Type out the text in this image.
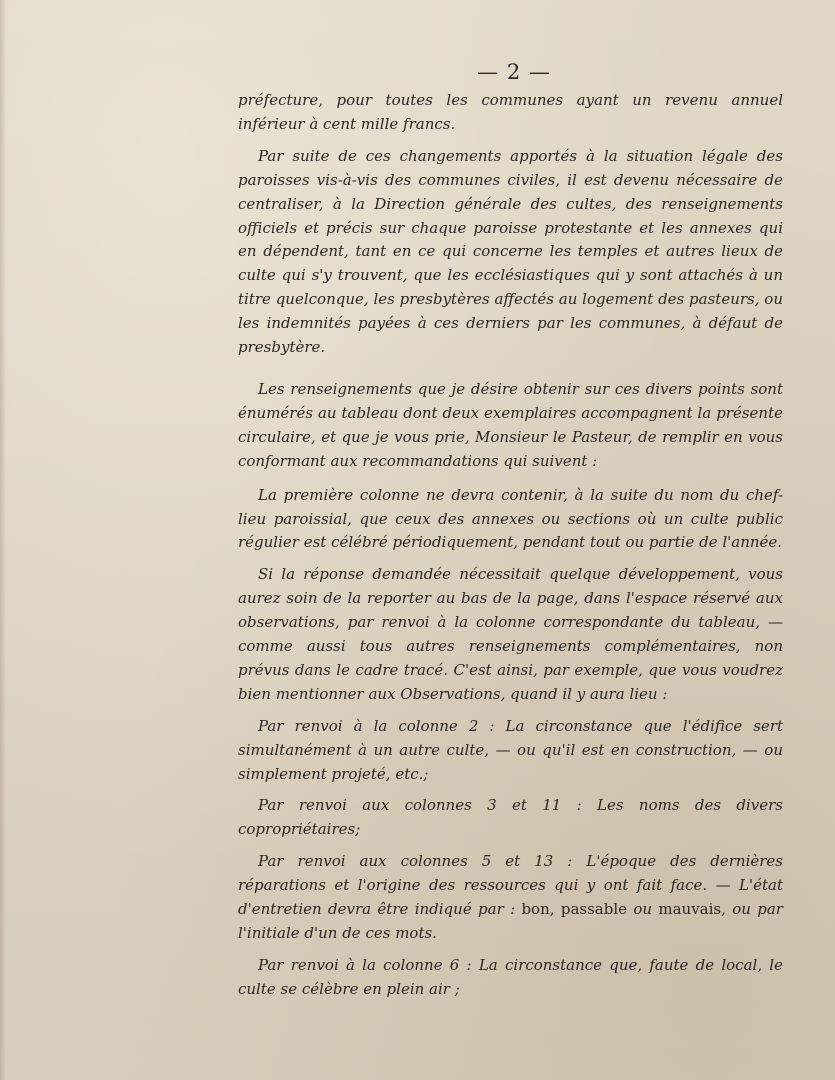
— 2 —

préfecture, pour toutes les communes ayant un revenu annuel inférieur à cent mille francs.

Par suite de ces changements apportés à la situation légale des paroisses vis-à-vis des communes civiles, il est devenu nécessaire de centraliser, à la Direction générale des cultes, des renseignements officiels et précis sur chaque paroisse protestante et les annexes qui en dépendent, tant en ce qui concerne les temples et autres lieux de culte qui s'y trouvent, que les ecclésiastiques qui y sont attachés à un titre quelconque, les presbytères affectés au logement des pasteurs, ou les indemnités payées à ces derniers par les communes, à défaut de presbytère.

Les renseignements que je désire obtenir sur ces divers points sont énumérés au tableau dont deux exemplaires accompagnent la présente circulaire, et que je vous prie, Monsieur le Pasteur, de remplir en vous conformant aux recommandations qui suivent :

La première colonne ne devra contenir, à la suite du nom du chef-lieu paroissial, que ceux des annexes ou sections où un culte public régulier est célébré périodiquement, pendant tout ou partie de l'année.

Si la réponse demandée nécessitait quelque développement, vous aurez soin de la reporter au bas de la page, dans l'espace réservé aux observations, par renvoi à la colonne correspondante du tableau, — comme aussi tous autres renseignements complémentaires, non prévus dans le cadre tracé. C'est ainsi, par exemple, que vous voudrez bien mentionner aux Observations, quand il y aura lieu :

Par renvoi à la colonne 2 : La circonstance que l'édifice sert simultanément à un autre culte, — ou qu'il est en construction, — ou simplement projeté, etc.;

Par renvoi aux colonnes 3 et 11 : Les noms des divers copropriétaires;

Par renvoi aux colonnes 5 et 13 : L'époque des dernières réparations et l'origine des ressources qui y ont fait face. — L'état d'entretien devra être indiqué par : bon, passable ou mauvais, ou par l'initiale d'un de ces mots.

Par renvoi à la colonne 6 : La circonstance que, faute de local, le culte se célèbre en plein air ;
